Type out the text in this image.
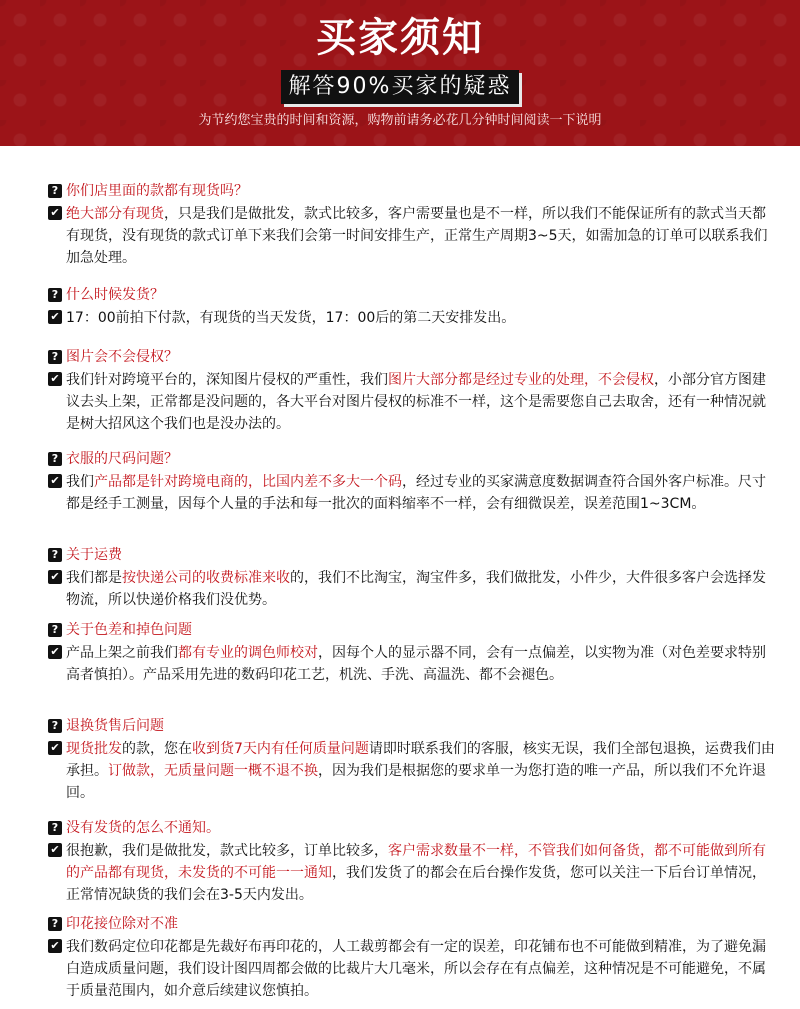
买家须知
解答90%买家的疑惑
为节约您宝贵的时间和资源，购物前请务必花几分钟时间阅读一下说明
? 你们店里面的款都有现货吗？
✔ 绝大部分有现货，只是我们是做批发，款式比较多，客户需要量也是不一样，所以我们不能保证所有的款式当天都有现货，没有现货的款式订单下来我们会第一时间安排生产，正常生产周期3~5天，如需加急的订单可以联系我们加急处理。
? 什么时候发货？
✔ 17：00前拍下付款，有现货的当天发货，17：00后的第二天安排发出。
? 图片会不会侵权？
✔ 我们针对跨境平台的，深知图片侵权的严重性，我们图片大部分都是经过专业的处理，不会侵权，小部分官方图建议去头上架，正常都是没问题的，各大平台对图片侵权的标准不一样，这个是需要您自己去取舍，还有一种情况就是树大招风这个我们也是没办法的。
? 衣服的尺码问题？
✔ 我们产品都是针对跨境电商的，比国内差不多大一个码，经过专业的买家满意度数据调查符合国外客户标准。尺寸都是经手工测量，因每个人量的手法和每一批次的面料缩率不一样，会有细微误差，误差范围1~3CM。
? 关于运费
✔ 我们都是按快递公司的收费标准来收的，我们不比淘宝，淘宝件多，我们做批发，小件少，大件很多客户会选择发物流，所以快递价格我们没优势。
? 关于色差和掉色问题
✔ 产品上架之前我们都有专业的调色师校对，因每个人的显示器不同，会有一点偏差，以实物为准（对色差要求特别高者慎拍）。产品采用先进的数码印花工艺，机洗、手洗、高温洗、都不会褪色。
? 退换货售后问题
✔ 现货批发的款，您在收到货7天内有任何质量问题请即时联系我们的客服，核实无误，我们全部包退换，运费我们由承担。订做款，无质量问题一概不退不换，因为我们是根据您的要求单一为您打造的唯一产品，所以我们不允许退回。
? 没有发货的怎么不通知。
✔ 很抱歉，我们是做批发，款式比较多，订单比较多，客户需求数量不一样，不管我们如何备货，都不可能做到所有的产品都有现货，未发货的不可能一一通知，我们发货了的都会在后台操作发货，您可以关注一下后台订单情况，正常情况缺货的我们会在3-5天内发出。
? 印花接位除对不准
✔ 我们数码定位印花都是先裁好布再印花的，人工裁剪都会有一定的误差，印花铺布也不可能做到精准，为了避免漏白造成质量问题，我们设计图四周都会做的比裁片大几毫米，所以会存在有点偏差，这种情况是不可能避免，不属于质量范围内，如介意后续建议您慎拍。
